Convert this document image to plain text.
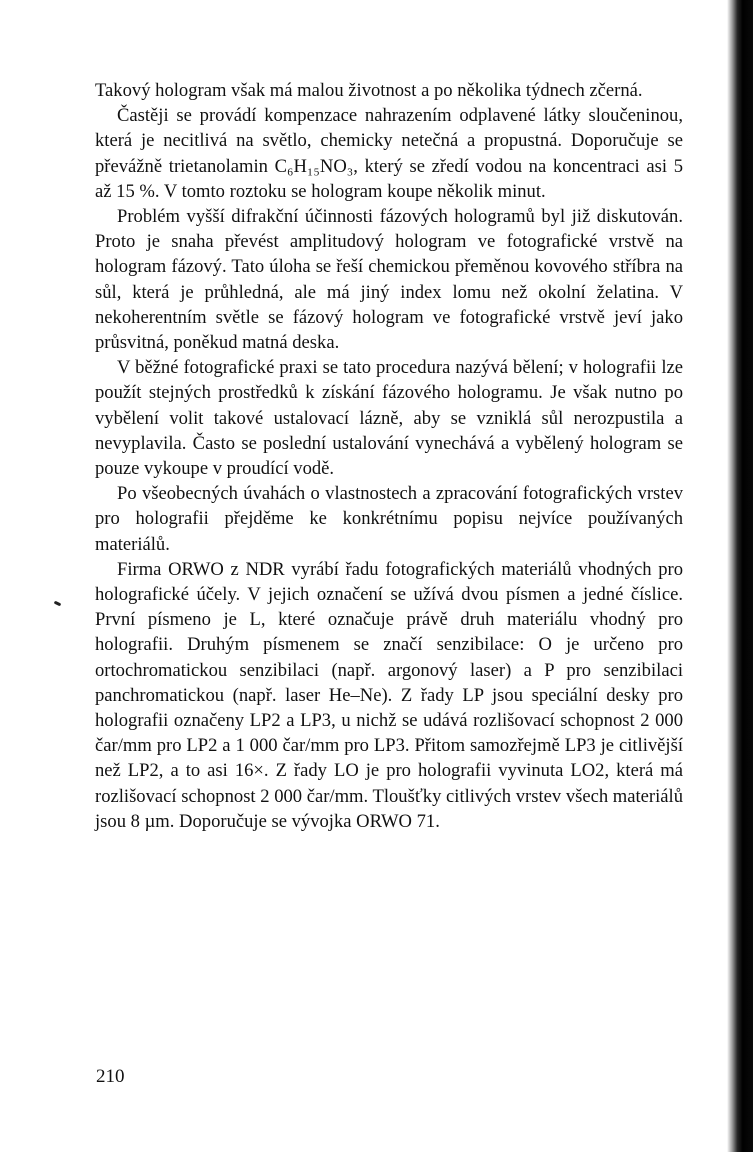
Takový hologram však má malou životnost a po několika týdnech zčerná.

Častěji se provádí kompenzace nahrazením odplavené látky sloučeninou, která je necitlivá na světlo, chemicky netečná a propustná. Doporučuje se převážně trietanolamin C₆H₁₅NO₃, který se zředí vodou na koncentraci asi 5 až 15 %. V tomto roztoku se hologram koupe několik minut.

Problém vyšší difrakční účinnosti fázových hologramů byl již diskutován. Proto je snaha převést amplitudový hologram ve fotografické vrstvě na hologram fázový. Tato úloha se řeší chemickou přeměnou kovového stříbra na sůl, která je průhledná, ale má jiný index lomu než okolní želatina. V nekoherentním světle se fázový hologram ve fotografické vrstvě jeví jako průsvitná, poněkud matná deska.

V běžné fotografické praxi se tato procedura nazývá bělení; v holografii lze použít stejných prostředků k získání fázového hologramu. Je však nutno po vybělení volit takové ustalovací lázně, aby se vzniklá sůl nerozpustila a nevyplavila. Často se poslední ustalování vynechává a vybělený hologram se pouze vykoupe v proudící vodě.

Po všeobecných úvahách o vlastnostech a zpracování fotografických vrstev pro holografii přejděme ke konkrétnímu popisu nejvíce používaných materiálů.

Firma ORWO z NDR vyrábí řadu fotografických materiálů vhodných pro holografické účely. V jejich označení se užívá dvou písmen a jedné číslice. První písmeno je L, které označuje právě druh materiálu vhodný pro holografii. Druhým písmenem se značí senzibilace: O je určeno pro ortochromatickou senzibilaci (např. argonový laser) a P pro senzibilaci panchromatickou (např. laser He–Ne). Z řady LP jsou speciální desky pro holografii označeny LP2 a LP3, u nichž se udává rozlišovací schopnost 2 000 čar/mm pro LP2 a 1 000 čar/mm pro LP3. Přitom samozřejmě LP3 je citlivější než LP2, a to asi 16×. Z řady LO je pro holografii vyvinuta LO2, která má rozlišovací schopnost 2 000 čar/mm. Tloušťky citlivých vrstev všech materiálů jsou 8 µm. Doporučuje se vývojka ORWO 71.

210
